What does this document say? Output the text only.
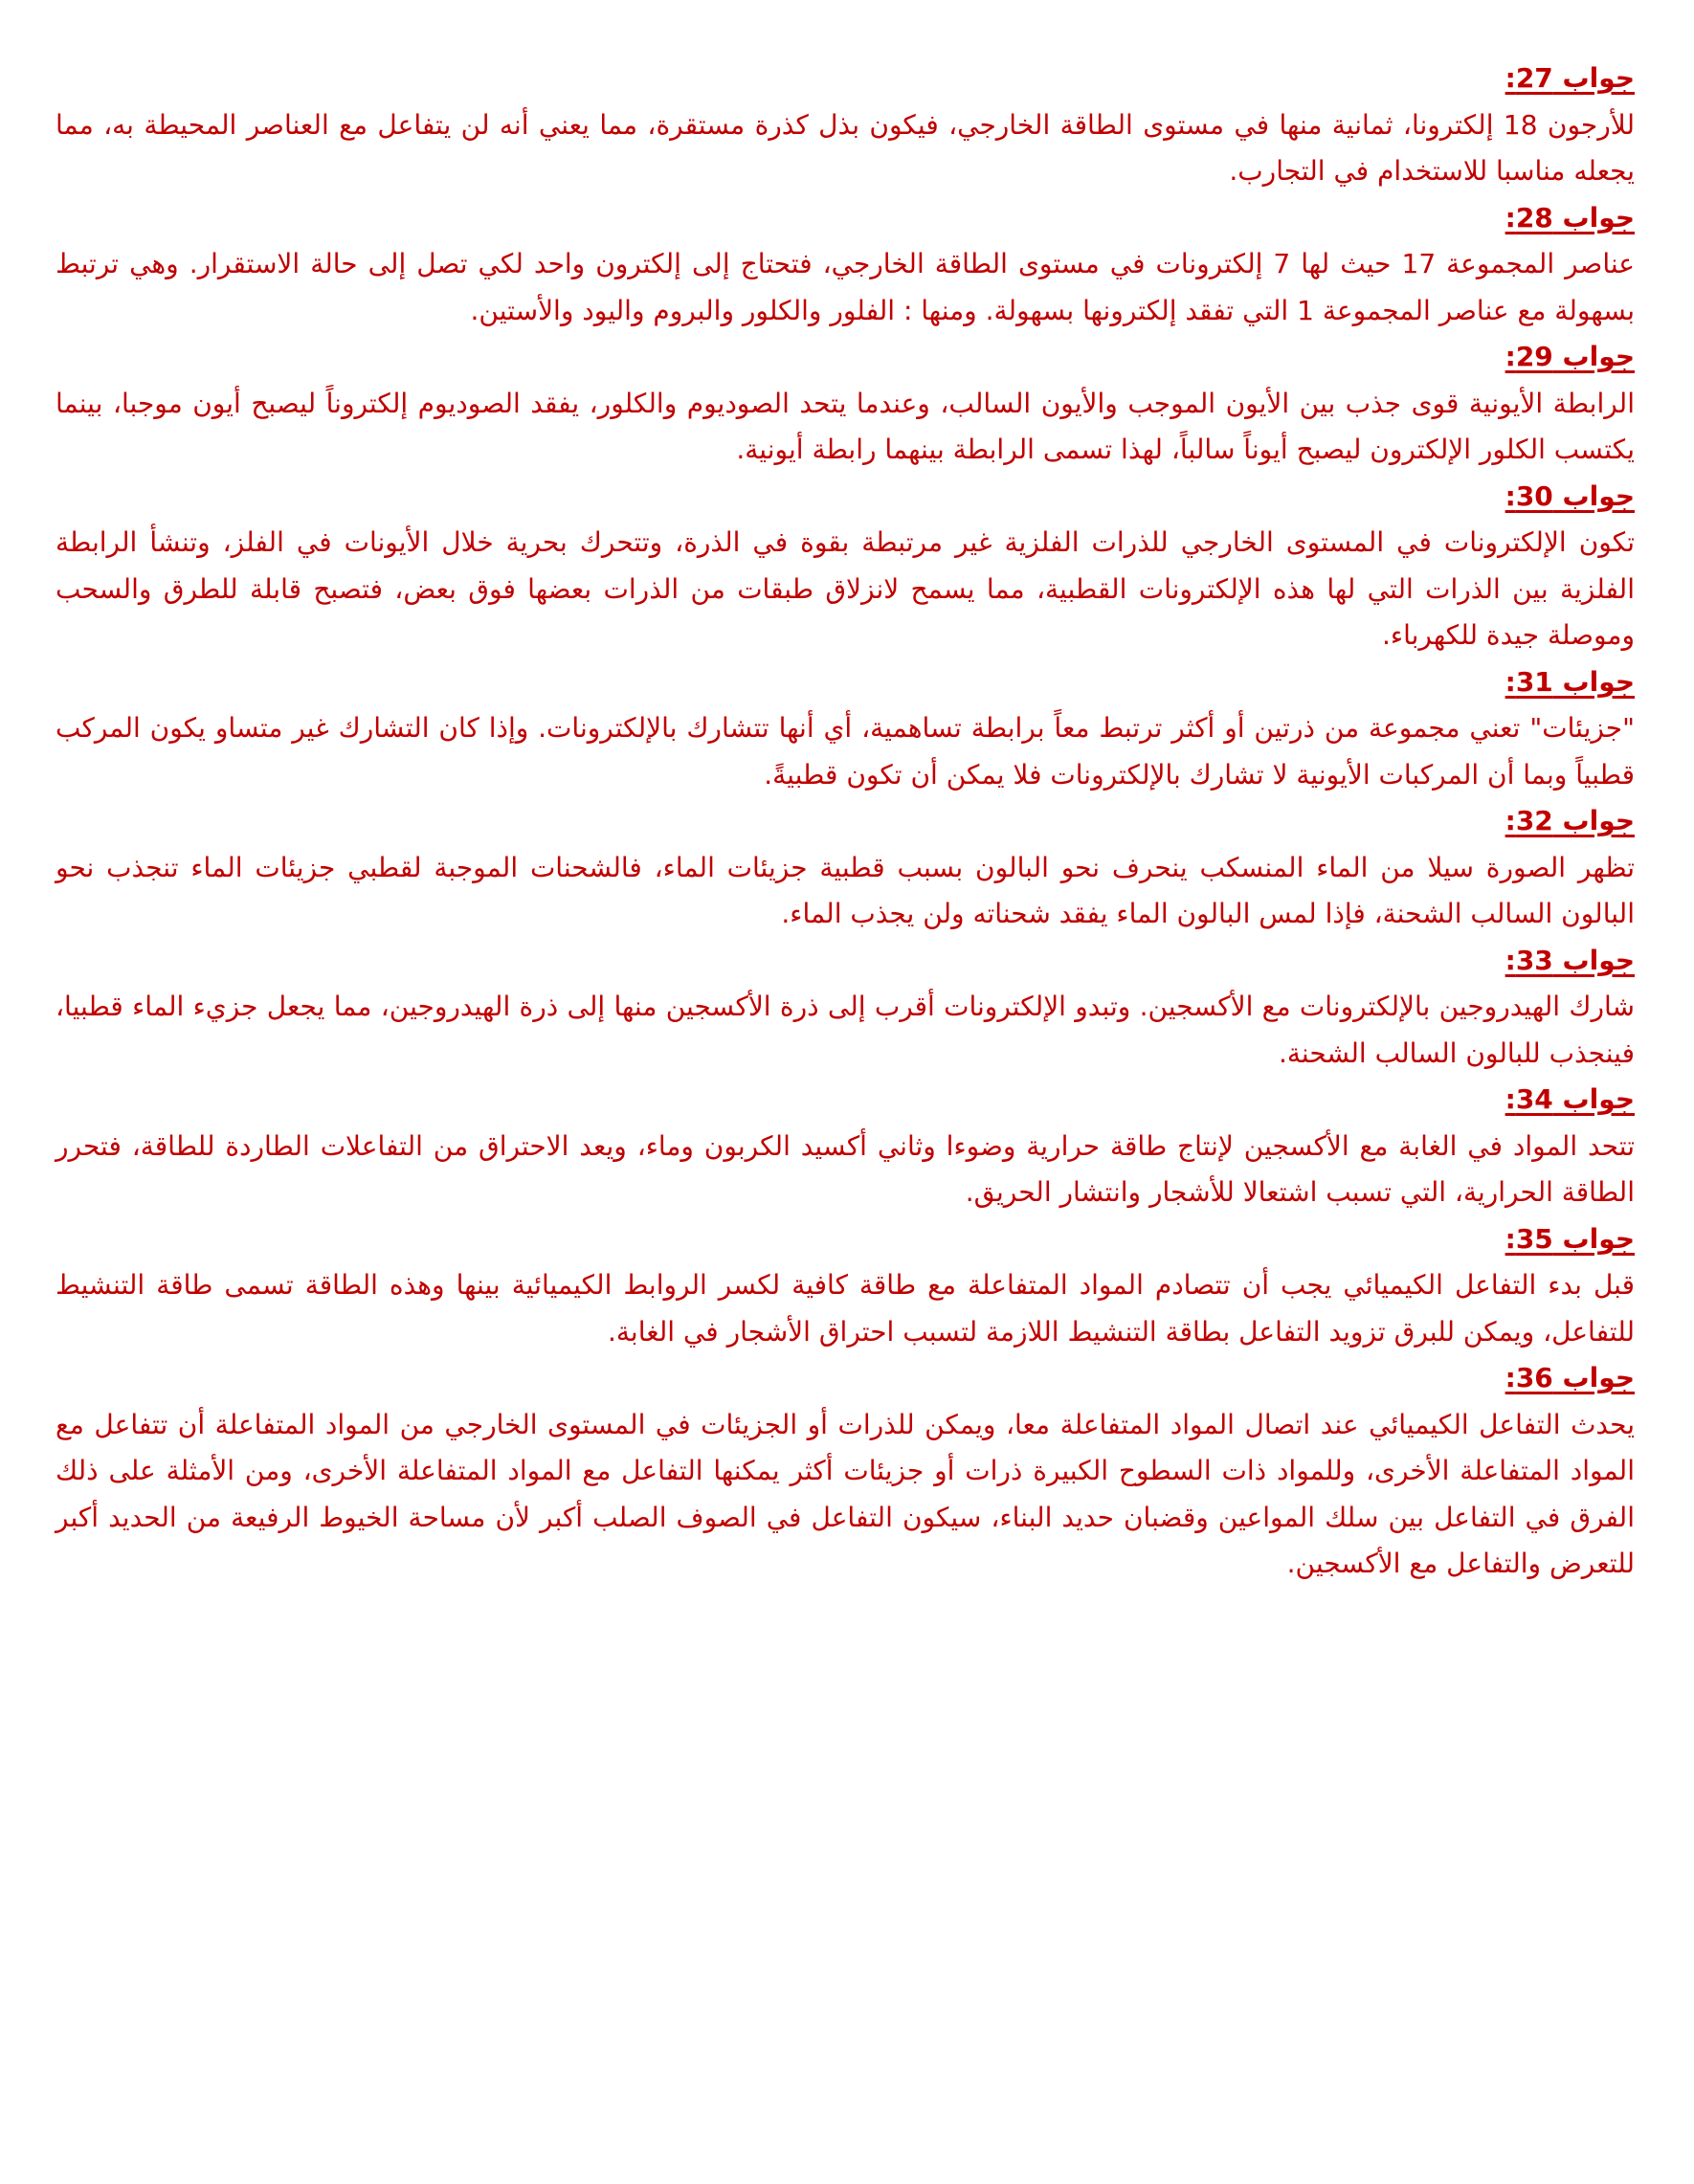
جواب 27:

للأرجون 18 إلكترونا، ثمانية منها في مستوى الطاقة الخارجي، فيكون بذل كذرة مستقرة، مما يعني أنه لن يتفاعل مع العناصر المحيطة به، مما يجعله مناسبا للاستخدام في التجارب.

جواب 28:

عناصر المجموعة 17 حيث لها 7 إلكترونات في مستوى الطاقة الخارجي، فتحتاج إلى إلكترون واحد لكي تصل إلى حالة الاستقرار. وهي ترتبط بسهولة مع عناصر المجموعة 1 التي تفقد إلكترونها بسهولة. ومنها : الفلور والكلور والبروم واليود والأستين.

جواب 29:

الرابطة الأيونية قوى جذب بين الأيون الموجب والأيون السالب، وعندما يتحد الصوديوم والكلور، يفقد الصوديوم إلكتروناً ليصبح أيون موجبا، بينما يكتسب الكلور الإلكترون ليصبح أيوناً سالباً، لهذا تسمى الرابطة بينهما رابطة أيونية.

جواب 30:

تكون الإلكترونات في المستوى الخارجي للذرات الفلزية غير مرتبطة بقوة في الذرة، وتتحرك بحرية خلال الأيونات في الفلز، وتنشأ الرابطة الفلزية بين الذرات التي لها هذه الإلكترونات القطبية، مما يسمح لانزلاق طبقات من الذرات بعضها فوق بعض، فتصبح قابلة للطرق والسحب وموصلة جيدة للكهرباء.

جواب 31:

"جزيئات" تعني مجموعة من ذرتين أو أكثر ترتبط معاً برابطة تساهمية، أي أنها تتشارك بالإلكترونات. وإذا كان التشارك غير متساو يكون المركب قطبياً وبما أن المركبات الأيونية لا تشارك بالإلكترونات فلا يمكن أن تكون قطبيةً.

جواب 32:

تظهر الصورة سيلا من الماء المنسكب ينحرف نحو البالون بسبب قطبية جزيئات الماء، فالشحنات الموجبة لقطبي جزيئات الماء تنجذب نحو البالون السالب الشحنة، فإذا لمس البالون الماء يفقد شحناته ولن يجذب الماء.

جواب 33:

شارك الهيدروجين بالإلكترونات مع الأكسجين. وتبدو الإلكترونات أقرب إلى ذرة الأكسجين منها إلى ذرة الهيدروجين، مما يجعل جزيء الماء قطبيا، فينجذب للبالون السالب الشحنة.

جواب 34:

تتحد المواد في الغابة مع الأكسجين لإنتاج طاقة حرارية وضوءا وثاني أكسيد الكربون وماء، ويعد الاحتراق من التفاعلات الطاردة للطاقة، فتحرر الطاقة الحرارية، التي تسبب اشتعالا للأشجار وانتشار الحريق.

جواب 35:

قبل بدء التفاعل الكيميائي يجب أن تتصادم المواد المتفاعلة مع طاقة كافية لكسر الروابط الكيميائية بينها وهذه الطاقة تسمى طاقة التنشيط للتفاعل، ويمكن للبرق تزويد التفاعل بطاقة التنشيط اللازمة لتسبب احتراق الأشجار في الغابة.

جواب 36:

يحدث التفاعل الكيميائي عند اتصال المواد المتفاعلة معا، ويمكن للذرات أو الجزيئات في المستوى الخارجي من المواد المتفاعلة أن تتفاعل مع المواد المتفاعلة الأخرى، وللمواد ذات السطوح الكبيرة ذرات أو جزيئات أكثر يمكنها التفاعل مع المواد المتفاعلة الأخرى، ومن الأمثلة على ذلك الفرق في التفاعل بين سلك المواعين وقضبان حديد البناء، سيكون التفاعل في الصوف الصلب أكبر لأن مساحة الخيوط الرفيعة من الحديد أكبر للتعرض والتفاعل مع الأكسجين.
